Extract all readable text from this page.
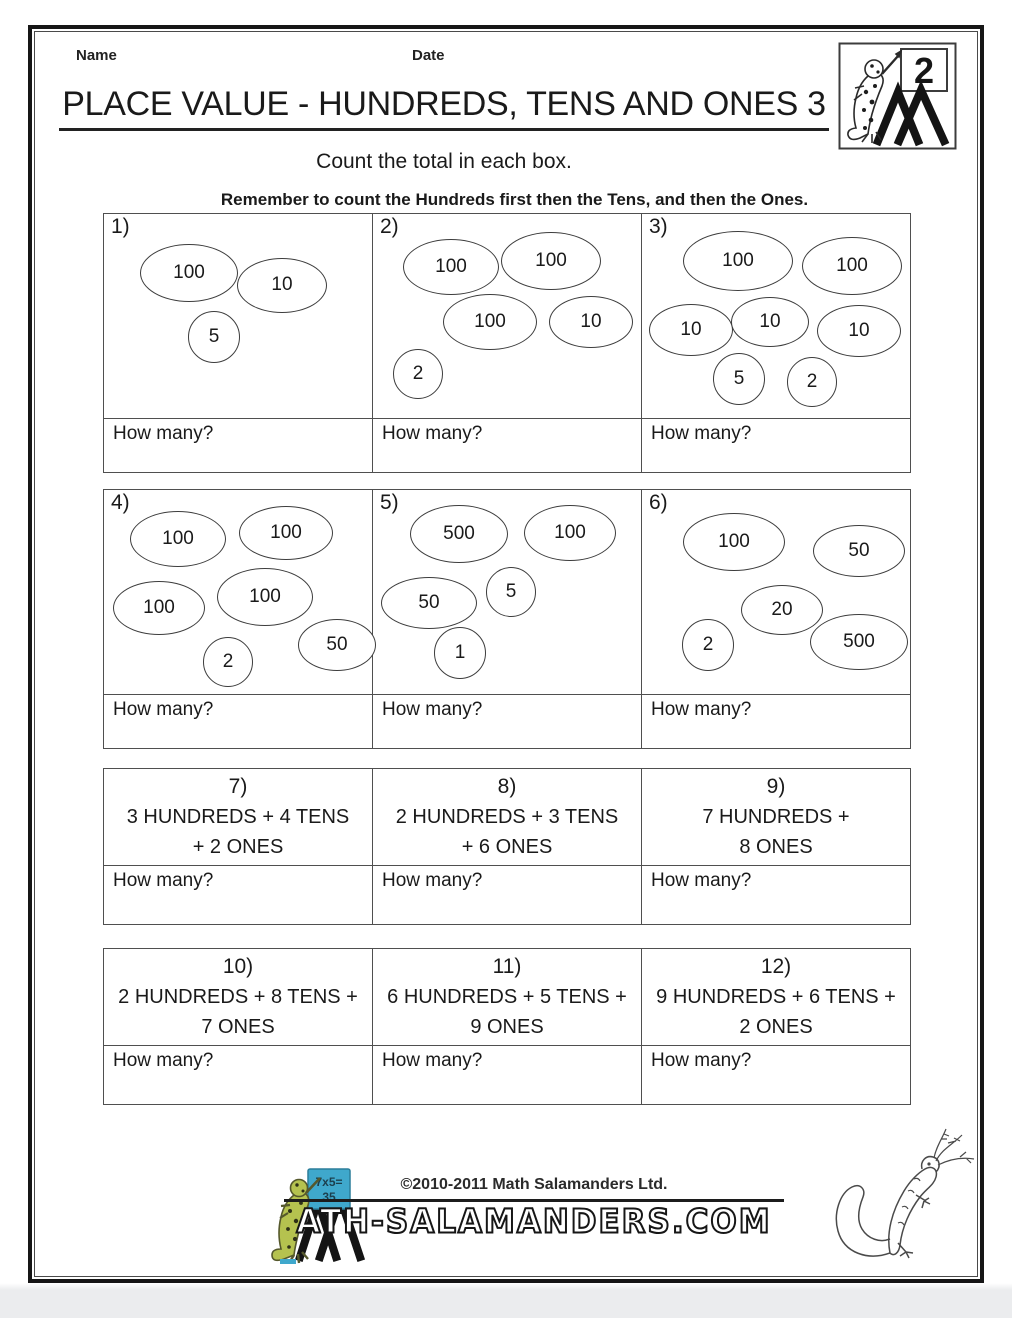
Name	Date	2
PLACE VALUE - HUNDREDS, TENS AND ONES 3
Count the total in each box.
Remember to count the Hundreds first then the Tens, and then the Ones.
1)
100
10
5
How many?
2)
100	100
100	10
2
How many?
3)
100	100
10	10	10
5	2
How many?
4)
100	100
100
100
2
50
How many?
5)
500	100
50
5
1
How many?
6)
100	50
20
2	500
How many?
7)
3 HUNDREDS + 4 TENS
+ 2 ONES
How many?
8)
2 HUNDREDS + 3 TENS
+ 6 ONES
How many?
9)
7 HUNDREDS +
8 ONES
How many?
10)
2 HUNDREDS + 8 TENS +
7 ONES
How many?
11)
6 HUNDREDS + 5 TENS +
9 ONES
How many?
12)
9 HUNDREDS + 6 TENS +
2 ONES
How many?
7x5=
35
©2010-2011 Math Salamanders Ltd.
ATH-SALAMANDERS.COM
